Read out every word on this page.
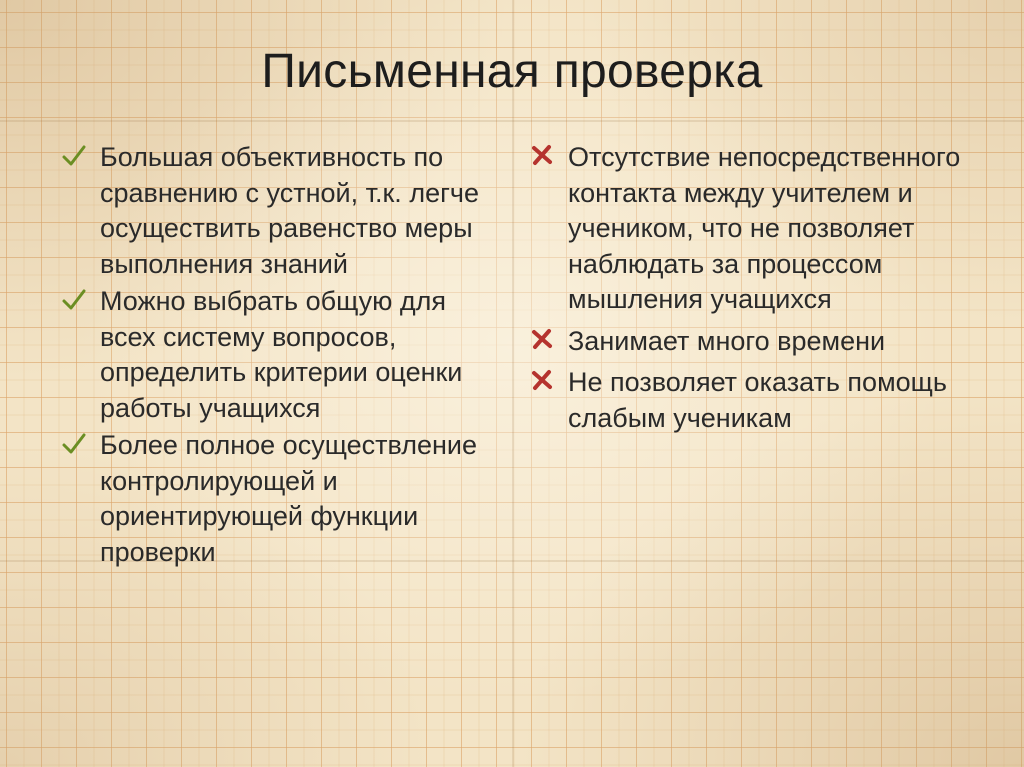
Письменная проверка
Большая объективность по сравнению с устной, т.к. легче осуществить равенство меры выполнения знаний
Можно выбрать общую для всех систему вопросов, определить критерии оценки работы учащихся
Более полное осуществление контролирующей и ориентирующей функции проверки
Отсутствие непосредственного контакта между учителем и учеником, что не позволяет наблюдать за процессом мышления учащихся
Занимает много времени
Не позволяет оказать помощь слабым ученикам
